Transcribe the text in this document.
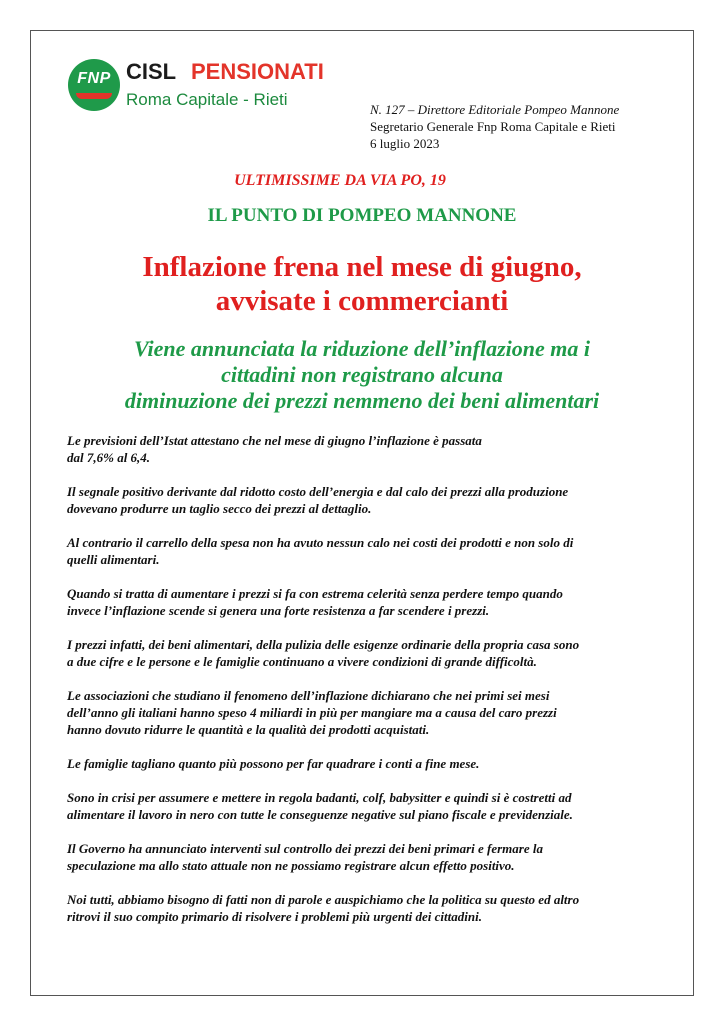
FNP CISL PENSIONATI
Roma Capitale - Rieti
N. 127 – Direttore Editoriale Pompeo Mannone
Segretario Generale Fnp Roma Capitale e Rieti
6 luglio 2023
ULTIMISSIME DA VIA PO, 19
IL PUNTO DI POMPEO MANNONE
Inflazione frena nel mese di giugno,
avvisate i commercianti
Viene annunciata la riduzione dell’inflazione ma i
cittadini non registrano alcuna
diminuzione dei prezzi nemmeno dei beni alimentari

Le previsioni dell’Istat attestano che nel mese di giugno l’inflazione è passata
dal 7,6% al 6,4.

Il segnale positivo derivante dal ridotto costo dell’energia e dal calo dei prezzi alla produzione
dovevano produrre un taglio secco dei prezzi al dettaglio.

Al contrario il carrello della spesa non ha avuto nessun calo nei costi dei prodotti e non solo di
quelli alimentari.

Quando si tratta di aumentare i prezzi si fa con estrema celerità senza perdere tempo quando
invece l’inflazione scende si genera una forte resistenza a far scendere i prezzi.

I prezzi infatti, dei beni alimentari, della pulizia delle esigenze ordinarie della propria casa sono
a due cifre e le persone e le famiglie continuano a vivere condizioni di grande difficoltà.

Le associazioni che studiano il fenomeno dell’inflazione dichiarano che nei primi sei mesi
dell’anno gli italiani hanno speso 4 miliardi in più per mangiare ma a causa del caro prezzi
hanno dovuto ridurre le quantità e la qualità dei prodotti acquistati.

Le famiglie tagliano quanto più possono per far quadrare i conti a fine mese.

Sono in crisi per assumere e mettere in regola badanti, colf, babysitter e quindi si è costretti ad
alimentare il lavoro in nero con tutte le conseguenze negative sul piano fiscale e previdenziale.

Il Governo ha annunciato interventi sul controllo dei prezzi dei beni primari e fermare la
speculazione ma allo stato attuale non ne possiamo registrare alcun effetto positivo.

Noi tutti, abbiamo bisogno di fatti non di parole e auspichiamo che la politica su questo ed altro
ritrovi il suo compito primario di risolvere i problemi più urgenti dei cittadini.
